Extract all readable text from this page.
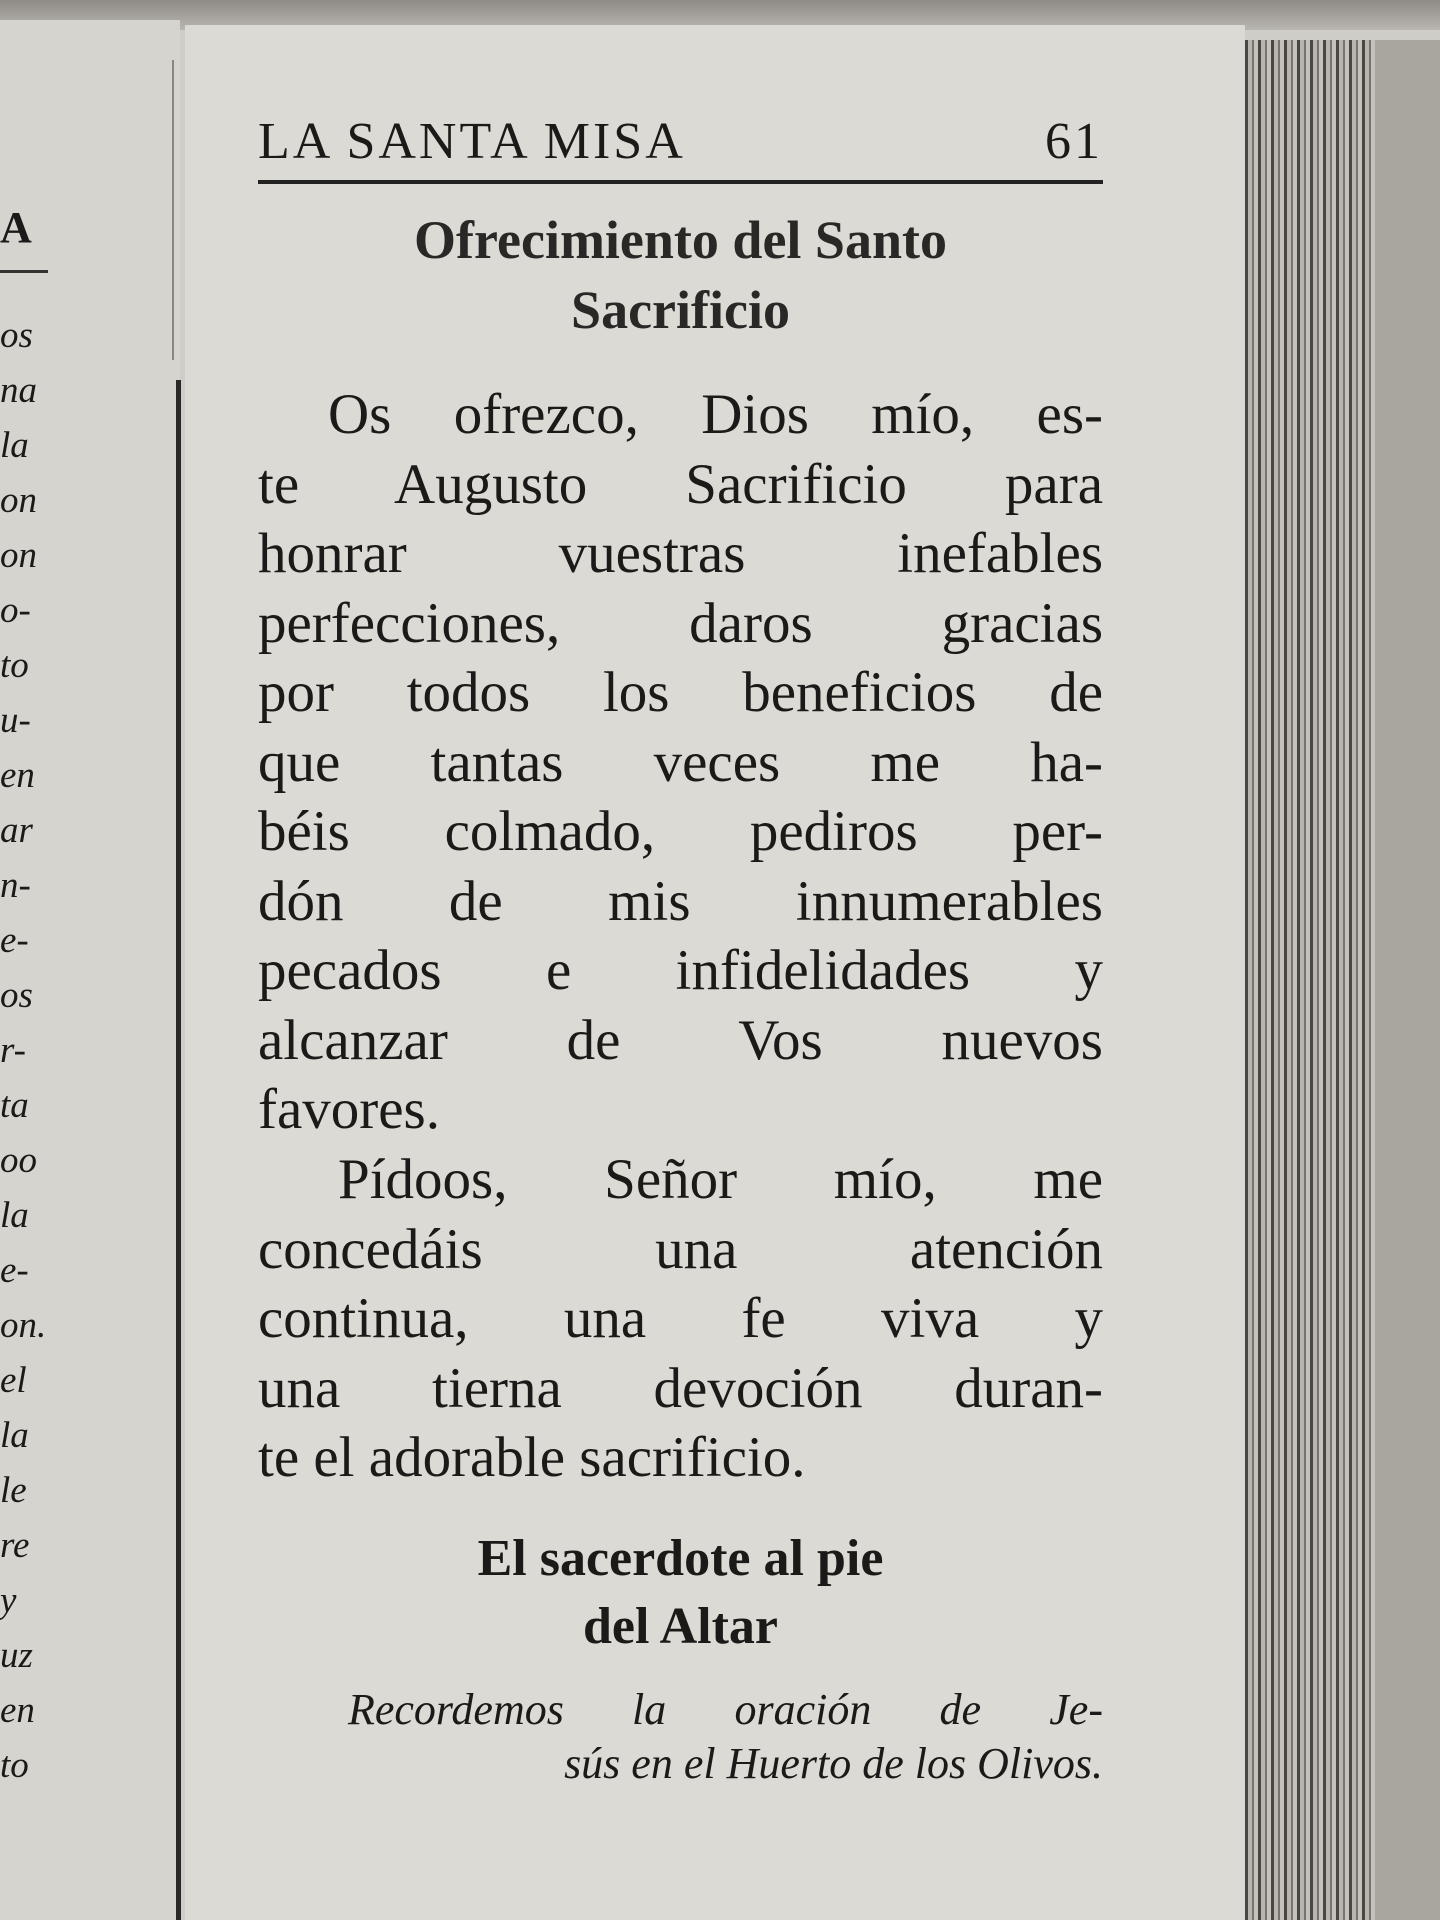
A
os
na
la
on
on
o-
to
u-
en
ar
n-
e-
os
r-
ta
oo
la
e-
on.
el
la
le
re
y
uz
en
to
LA SANTA MISA	61
Ofrecimiento del Santo
Sacrificio
Os ofrezco, Dios mío, es-
te Augusto Sacrificio para
honrar vuestras inefables
perfecciones, daros gracias
por todos los beneficios de
que tantas veces me ha-
béis colmado, pediros per-
dón de mis innumerables
pecados e infidelidades y
alcanzar de Vos nuevos
favores.
Pídoos, Señor mío, me
concedáis una atención
continua, una fe viva y
una tierna devoción duran-
te el adorable sacrificio.
El sacerdote al pie
del Altar
Recordemos la oración de Je-
sús en el Huerto de los Olivos.
